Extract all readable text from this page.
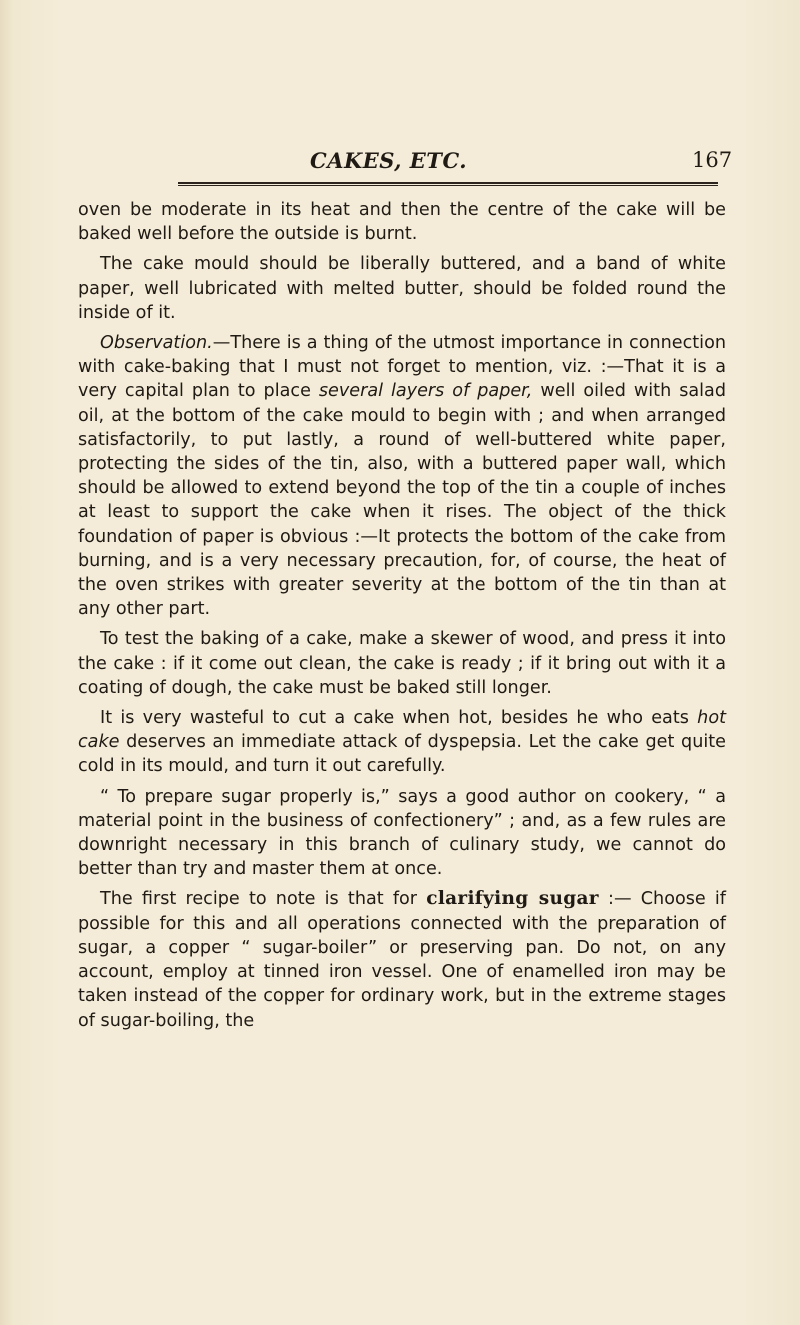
CAKES, ETC.	167

oven be moderate in its heat and then the centre of the cake will be baked well before the outside is burnt.

The cake mould should be liberally buttered, and a band of white paper, well lubricated with melted butter, should be folded round the inside of it.

Observation.—There is a thing of the utmost importance in connection with cake-baking that I must not forget to mention, viz. :—That it is a very capital plan to place several layers of paper, well oiled with salad oil, at the bottom of the cake mould to begin with ; and when arranged satisfactorily, to put lastly, a round of well-buttered white paper, protecting the sides of the tin, also, with a buttered paper wall, which should be allowed to extend beyond the top of the tin a couple of inches at least to support the cake when it rises. The object of the thick foundation of paper is obvious :—It protects the bottom of the cake from burning, and is a very necessary precaution, for, of course, the heat of the oven strikes with greater severity at the bottom of the tin than at any other part.

To test the baking of a cake, make a skewer of wood, and press it into the cake : if it come out clean, the cake is ready ; if it bring out with it a coating of dough, the cake must be baked still longer.

It is very wasteful to cut a cake when hot, besides he who eats hot cake deserves an immediate attack of dyspepsia. Let the cake get quite cold in its mould, and turn it out carefully.

“ To prepare sugar properly is,” says a good author on cookery, “ a material point in the business of confectionery” ; and, as a few rules are downright necessary in this branch of culinary study, we cannot do better than try and master them at once.

The first recipe to note is that for clarifying sugar :— Choose if possible for this and all operations connected with the preparation of sugar, a copper “ sugar-boiler” or preserving pan. Do not, on any account, employ at tinned iron vessel. One of enamelled iron may be taken instead of the copper for ordinary work, but in the extreme stages of sugar-boiling, the
